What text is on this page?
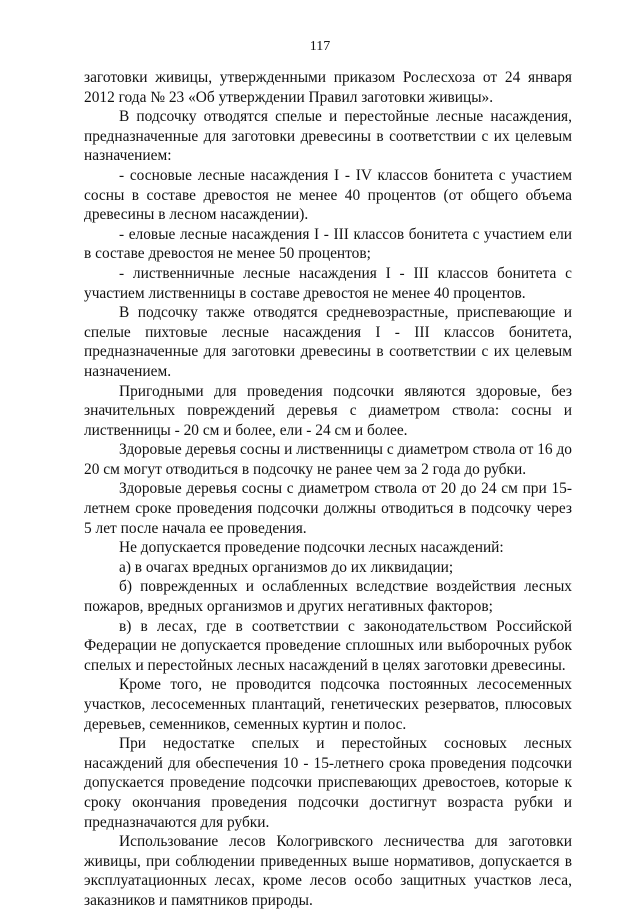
117

заготовки живицы, утвержденными приказом Рослесхоза от 24 января 2012 года № 23 «Об утверждении Правил заготовки живицы».

В подсочку отводятся спелые и перестойные лесные насаждения, предназначенные для заготовки древесины в соответствии с их целевым назначением:

- сосновые лесные насаждения I - IV классов бонитета с участием сосны в составе древостоя не менее 40 процентов (от общего объема древесины в лесном насаждении).

- еловые лесные насаждения I - III классов бонитета с участием ели в составе древостоя не менее 50 процентов;

- лиственничные лесные насаждения I - III классов бонитета с участием лиственницы в составе древостоя не менее 40 процентов.

В подсочку также отводятся средневозрастные, приспевающие и спелые пихтовые лесные насаждения I - III классов бонитета, предназначенные для заготовки древесины в соответствии с их целевым назначением.

Пригодными для проведения подсочки являются здоровые, без значительных повреждений деревья с диаметром ствола: сосны и лиственницы - 20 см и более, ели - 24 см и более.

Здоровые деревья сосны и лиственницы с диаметром ствола от 16 до 20 см могут отводиться в подсочку не ранее чем за 2 года до рубки.

Здоровые деревья сосны с диаметром ствола от 20 до 24 см при 15-летнем сроке проведения подсочки должны отводиться в подсочку через 5 лет после начала ее проведения.

Не допускается проведение подсочки лесных насаждений:

а) в очагах вредных организмов до их ликвидации;

б) поврежденных и ослабленных вследствие воздействия лесных пожаров, вредных организмов и других негативных факторов;

в) в лесах, где в соответствии с законодательством Российской Федерации не допускается проведение сплошных или выборочных рубок спелых и перестойных лесных насаждений в целях заготовки древесины.

Кроме того, не проводится подсочка постоянных лесосеменных участков, лесосеменных плантаций, генетических резерватов, плюсовых деревьев, семенников, семенных куртин и полос.

При недостатке спелых и перестойных сосновых лесных насаждений для обеспечения 10 - 15-летнего срока проведения подсочки допускается проведение подсочки приспевающих древостоев, которые к сроку окончания проведения подсочки достигнут возраста рубки и предназначаются для рубки.

Использование лесов Кологривского лесничества для заготовки живицы, при соблюдении приведенных выше нормативов, допускается в эксплуатационных лесах, кроме лесов особо защитных участков леса, заказников и памятников природы.
